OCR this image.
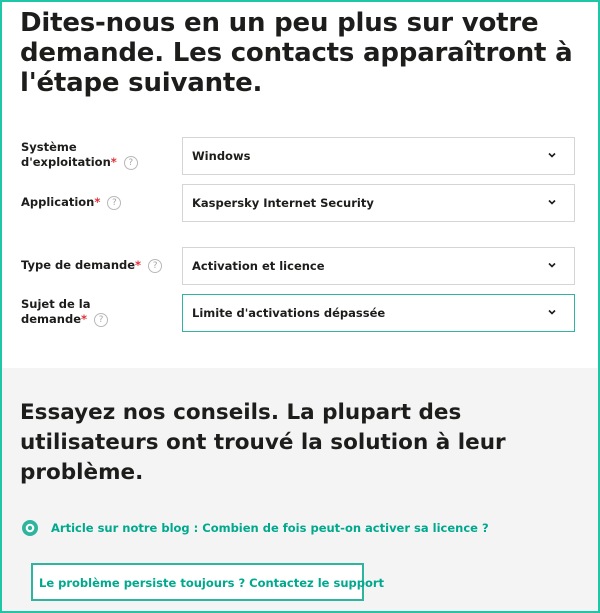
Dites-nous en un peu plus sur votre demande. Les contacts apparaîtront à l'étape suivante.
Système d'exploitation* ?	Windows
Application* ?	Kaspersky Internet Security
Type de demande* ?	Activation et licence
Sujet de la demande* ?	Limite d'activations dépassée
Essayez nos conseils. La plupart des utilisateurs ont trouvé la solution à leur problème.
Article sur notre blog : Combien de fois peut-on activer sa licence ?
Le problème persiste toujours ? Contactez le support
